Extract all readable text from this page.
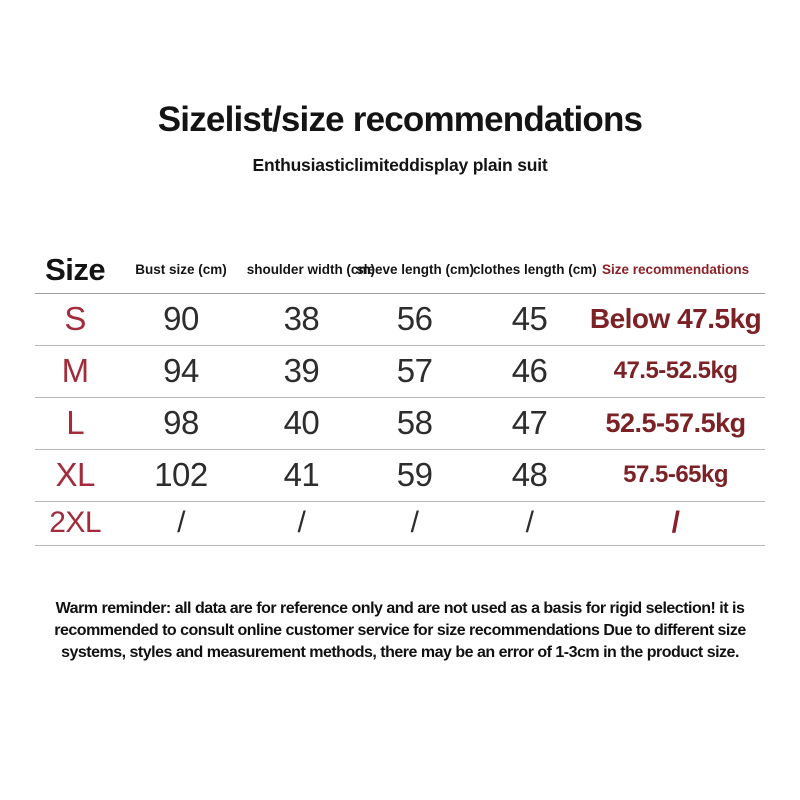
Sizelist/size recommendations
Enthusiasticlimiteddisplay plain suit
Size	Bust size (cm)	shoulder width (cm)	sleeve length (cm)	clothes length (cm)	Size recommendations
S	90	38	56	45	Below 47.5kg
M	94	39	57	46	47.5-52.5kg
L	98	40	58	47	52.5-57.5kg
XL	102	41	59	48	57.5-65kg
2XL	/	/	/	/	/
Warm reminder: all data are for reference only and are not used as a basis for rigid selection! it is
recommended to consult online customer service for size recommendations Due to different size
systems, styles and measurement methods, there may be an error of 1-3cm in the product size.
